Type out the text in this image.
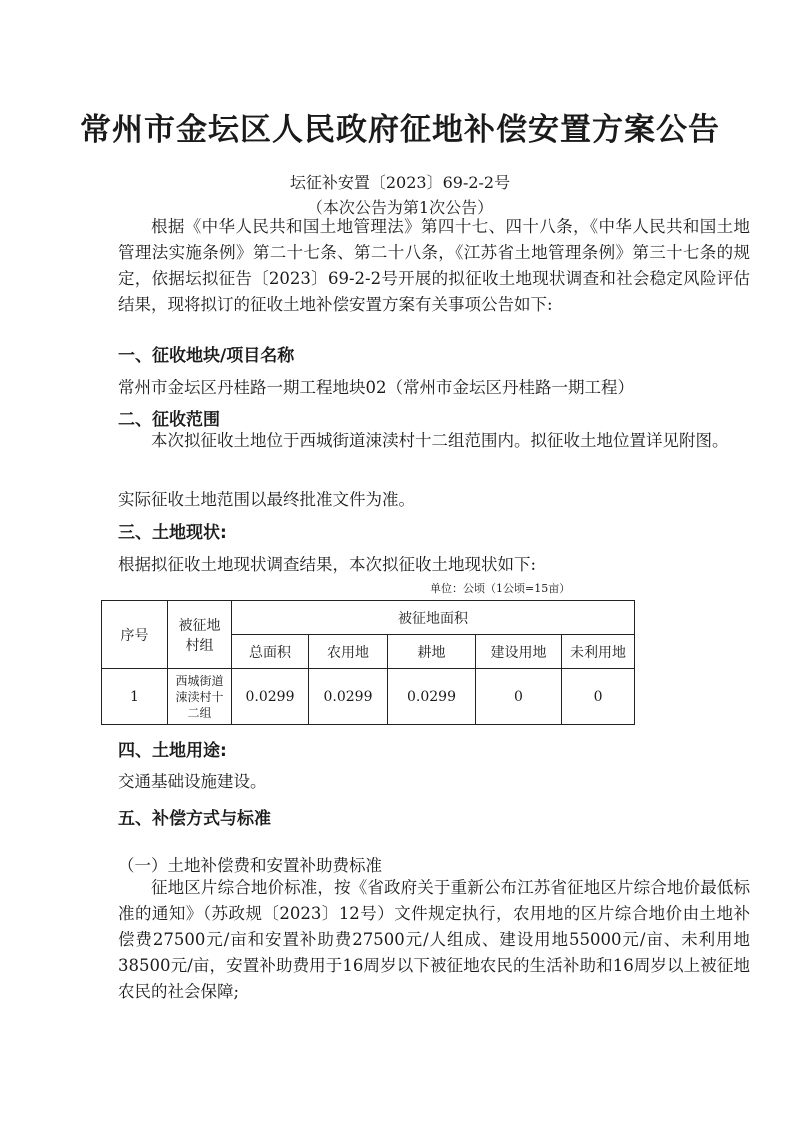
常州市金坛区人民政府征地补偿安置方案公告
坛征补安置〔2023〕69-2-2号
（本次公告为第1次公告）
根据《中华人民共和国土地管理法》第四十七、四十八条，《中华人民共和国土地管理法实施条例》第二十七条、第二十八条，《江苏省土地管理条例》第三十七条的规定，依据坛拟征告〔2023〕69-2-2号开展的拟征收土地现状调查和社会稳定风险评估结果，现将拟订的征收土地补偿安置方案有关事项公告如下:
一、征收地块/项目名称
常州市金坛区丹桂路一期工程地块02（常州市金坛区丹桂路一期工程）
二、征收范围
本次拟征收土地位于西城街道涑渎村十二组范围内。拟征收土地位置详见附图。
实际征收土地范围以最终批准文件为准。
三、土地现状:
根据拟征收土地现状调查结果，本次拟征收土地现状如下:
单位：公顷（1公顷=15亩）
序号	被征地村组	被征地面积				
		总面积	农用地	耕地	建设用地	未利用地
1	西城街道涑渎村十二组	0.0299	0.0299	0.0299	0	0
四、土地用途:
交通基础设施建设。
五、补偿方式与标准
（一）土地补偿费和安置补助费标准
征地区片综合地价标准，按《省政府关于重新公布江苏省征地区片综合地价最低标准的通知》（苏政规〔2023〕12号）文件规定执行，农用地的区片综合地价由土地补偿费27500元/亩和安置补助费27500元/人组成、建设用地55000元/亩、未利用地38500元/亩，安置补助费用于16周岁以下被征地农民的生活补助和16周岁以上被征地农民的社会保障;
